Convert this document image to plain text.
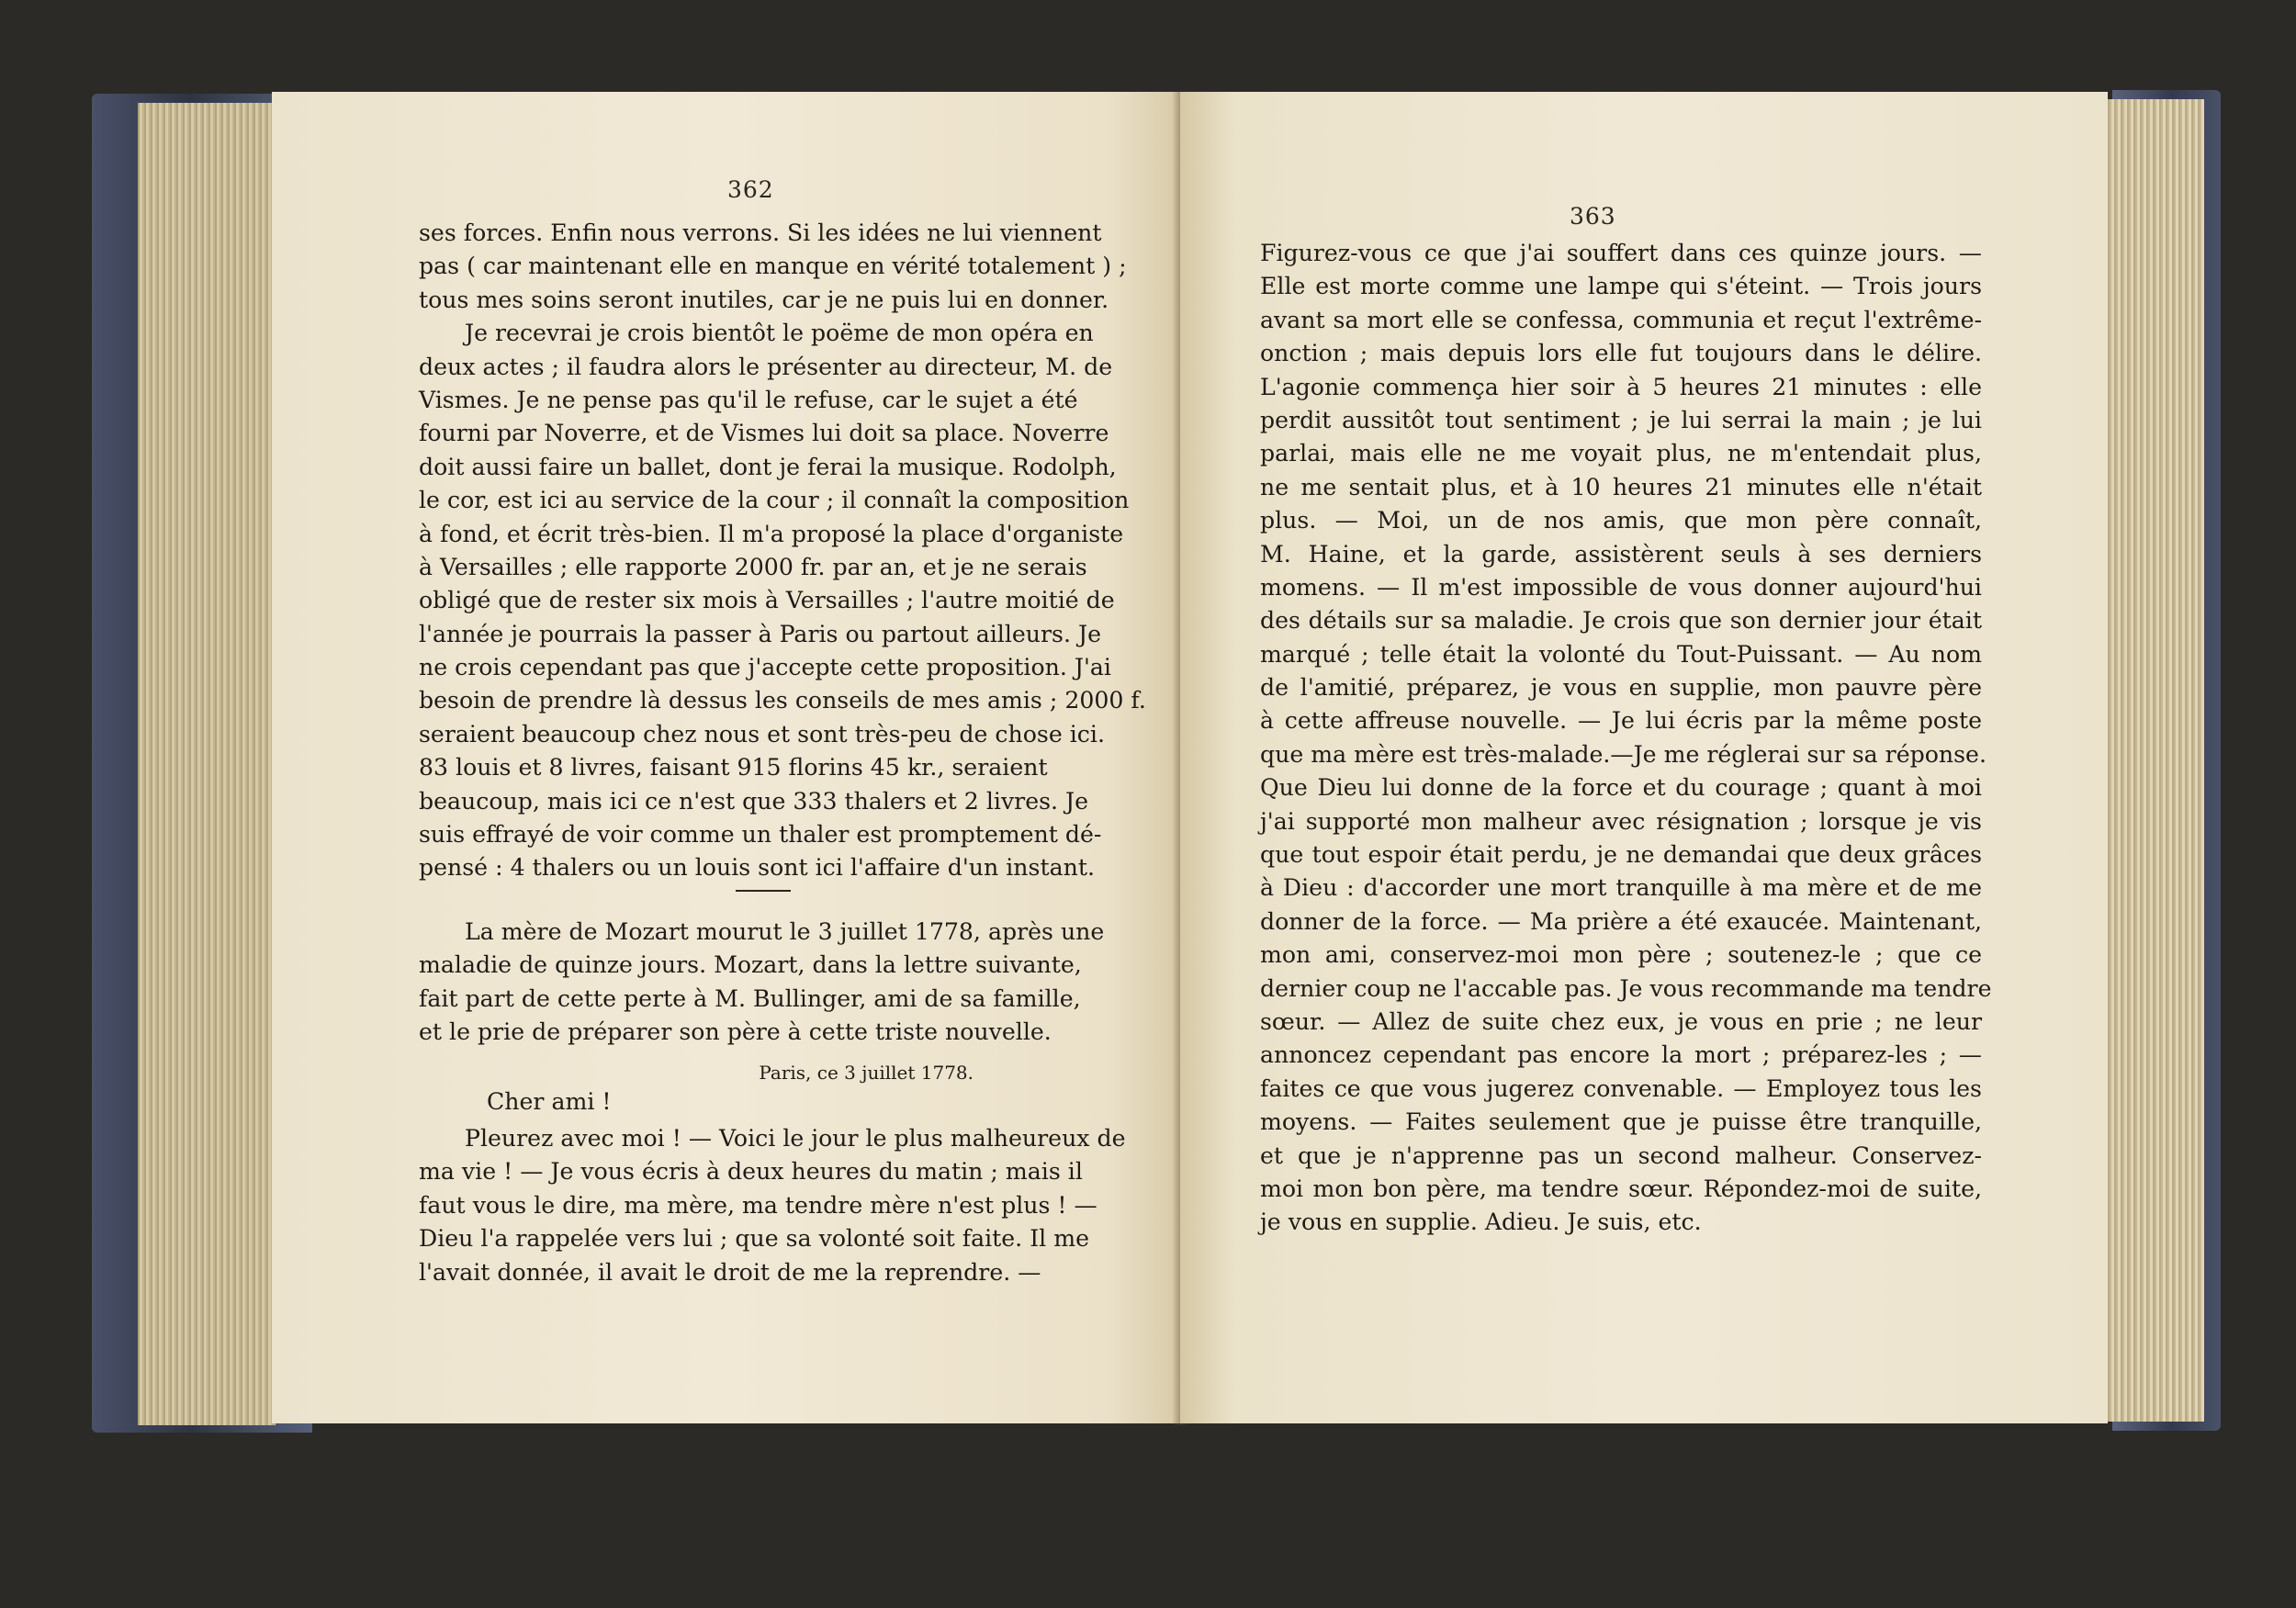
362
ses forces. Enfin nous verrons. Si les idées ne lui viennent
pas ( car maintenant elle en manque en vérité totalement ) ;
tous mes soins seront inutiles, car je ne puis lui en donner.
Je recevrai je crois bientôt le poëme de mon opéra en
deux actes ; il faudra alors le présenter au directeur, M. de
Vismes. Je ne pense pas qu'il le refuse, car le sujet a été
fourni par Noverre, et de Vismes lui doit sa place. Noverre
doit aussi faire un ballet, dont je ferai la musique. Rodolph,
le cor, est ici au service de la cour ; il connaît la composition
à fond, et écrit très-bien. Il m'a proposé la place d'organiste
à Versailles ; elle rapporte 2000 fr. par an, et je ne serais
obligé que de rester six mois à Versailles ; l'autre moitié de
l'année je pourrais la passer à Paris ou partout ailleurs. Je
ne crois cependant pas que j'accepte cette proposition. J'ai
besoin de prendre là dessus les conseils de mes amis ; 2000 f.
seraient beaucoup chez nous et sont très-peu de chose ici.
83 louis et 8 livres, faisant 915 florins 45 kr., seraient
beaucoup, mais ici ce n'est que 333 thalers et 2 livres. Je
suis effrayé de voir comme un thaler est promptement dé-
pensé : 4 thalers ou un louis sont ici l'affaire d'un instant.
La mère de Mozart mourut le 3 juillet 1778, après une
maladie de quinze jours. Mozart, dans la lettre suivante,
fait part de cette perte à M. Bullinger, ami de sa famille,
et le prie de préparer son père à cette triste nouvelle.
Paris, ce 3 juillet 1778.
Cher ami !
Pleurez avec moi ! — Voici le jour le plus malheureux de
ma vie ! — Je vous écris à deux heures du matin ; mais il
faut vous le dire, ma mère, ma tendre mère n'est plus ! —
Dieu l'a rappelée vers lui ; que sa volonté soit faite. Il me
l'avait donnée, il avait le droit de me la reprendre. —
363
Figurez-vous ce que j'ai souffert dans ces quinze jours. —
Elle est morte comme une lampe qui s'éteint. — Trois jours
avant sa mort elle se confessa, communia et reçut l'extrême-
onction ; mais depuis lors elle fut toujours dans le délire.
L'agonie commença hier soir à 5 heures 21 minutes : elle
perdit aussitôt tout sentiment ; je lui serrai la main ; je lui
parlai, mais elle ne me voyait plus, ne m'entendait plus,
ne me sentait plus, et à 10 heures 21 minutes elle n'était
plus. — Moi, un de nos amis, que mon père connaît,
M. Haine, et la garde, assistèrent seuls à ses derniers
momens. — Il m'est impossible de vous donner aujourd'hui
des détails sur sa maladie. Je crois que son dernier jour était
marqué ; telle était la volonté du Tout-Puissant. — Au nom
de l'amitié, préparez, je vous en supplie, mon pauvre père
à cette affreuse nouvelle. — Je lui écris par la même poste
que ma mère est très-malade.—Je me réglerai sur sa réponse.
Que Dieu lui donne de la force et du courage ; quant à moi
j'ai supporté mon malheur avec résignation ; lorsque je vis
que tout espoir était perdu, je ne demandai que deux grâces
à Dieu : d'accorder une mort tranquille à ma mère et de me
donner de la force. — Ma prière a été exaucée. Maintenant,
mon ami, conservez-moi mon père ; soutenez-le ; que ce
dernier coup ne l'accable pas. Je vous recommande ma tendre
sœur. — Allez de suite chez eux, je vous en prie ; ne leur
annoncez cependant pas encore la mort ; préparez-les ; —
faites ce que vous jugerez convenable. — Employez tous les
moyens. — Faites seulement que je puisse être tranquille,
et que je n'apprenne pas un second malheur. Conservez-
moi mon bon père, ma tendre sœur. Répondez-moi de suite,
je vous en supplie. Adieu. Je suis, etc.
